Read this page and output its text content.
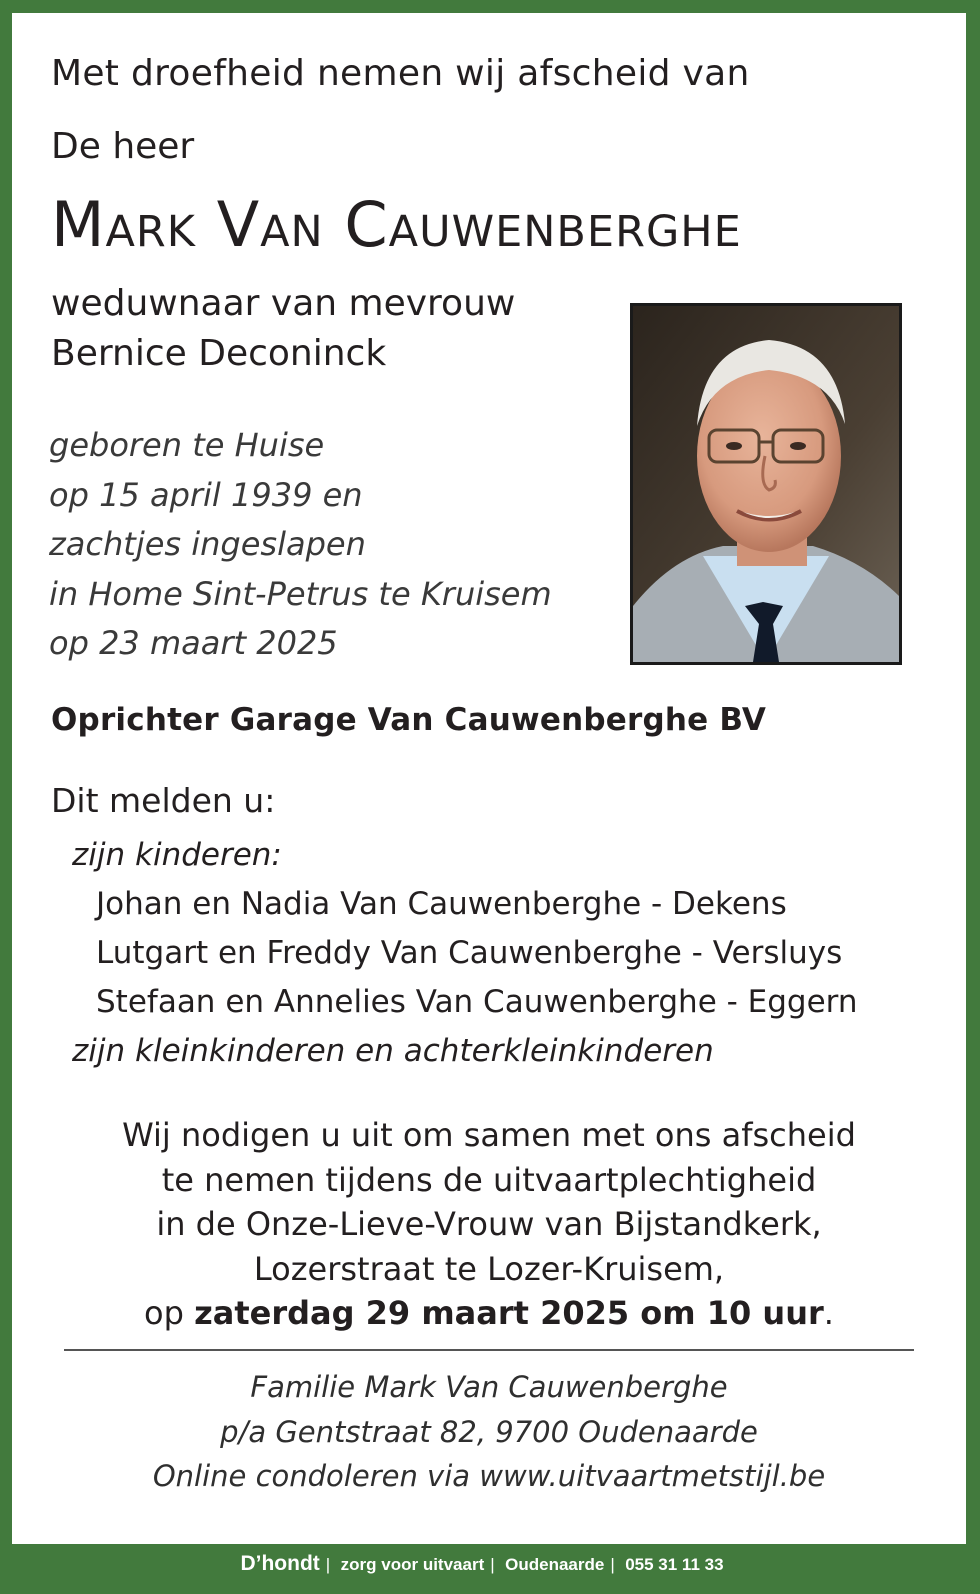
Met droefheid nemen wij afscheid van

De heer

Mark Van Cauwenberghe

weduwnaar van mevrouw

Bernice Deconinck

geboren te Huise
op 15 april 1939 en
zachtjes ingeslapen
in Home Sint-Petrus te Kruisem
op 23 maart 2025

Oprichter Garage Van Cauwenberghe BV

Dit melden u:

zijn kinderen:
Johan en Nadia Van Cauwenberghe - Dekens
Lutgart en Freddy Van Cauwenberghe - Versluys
Stefaan en Annelies Van Cauwenberghe - Eggern
zijn kleinkinderen en achterkleinkinderen
Wij nodigen u uit om samen met ons afscheid
te nemen tijdens de uitvaartplechtigheid
in de Onze-Lieve-Vrouw van Bijstandkerk,
Lozerstraat te Lozer-Kruisem,
op zaterdag 29 maart 2025 om 10 uur.
Familie Mark Van Cauwenberghe
p/a Gentstraat 82, 9700 Oudenaarde
Online condoleren via www.uitvaartmetstijl.be
D’hondt | zorg voor uitvaart | Oudenaarde | 055 31 11 33
